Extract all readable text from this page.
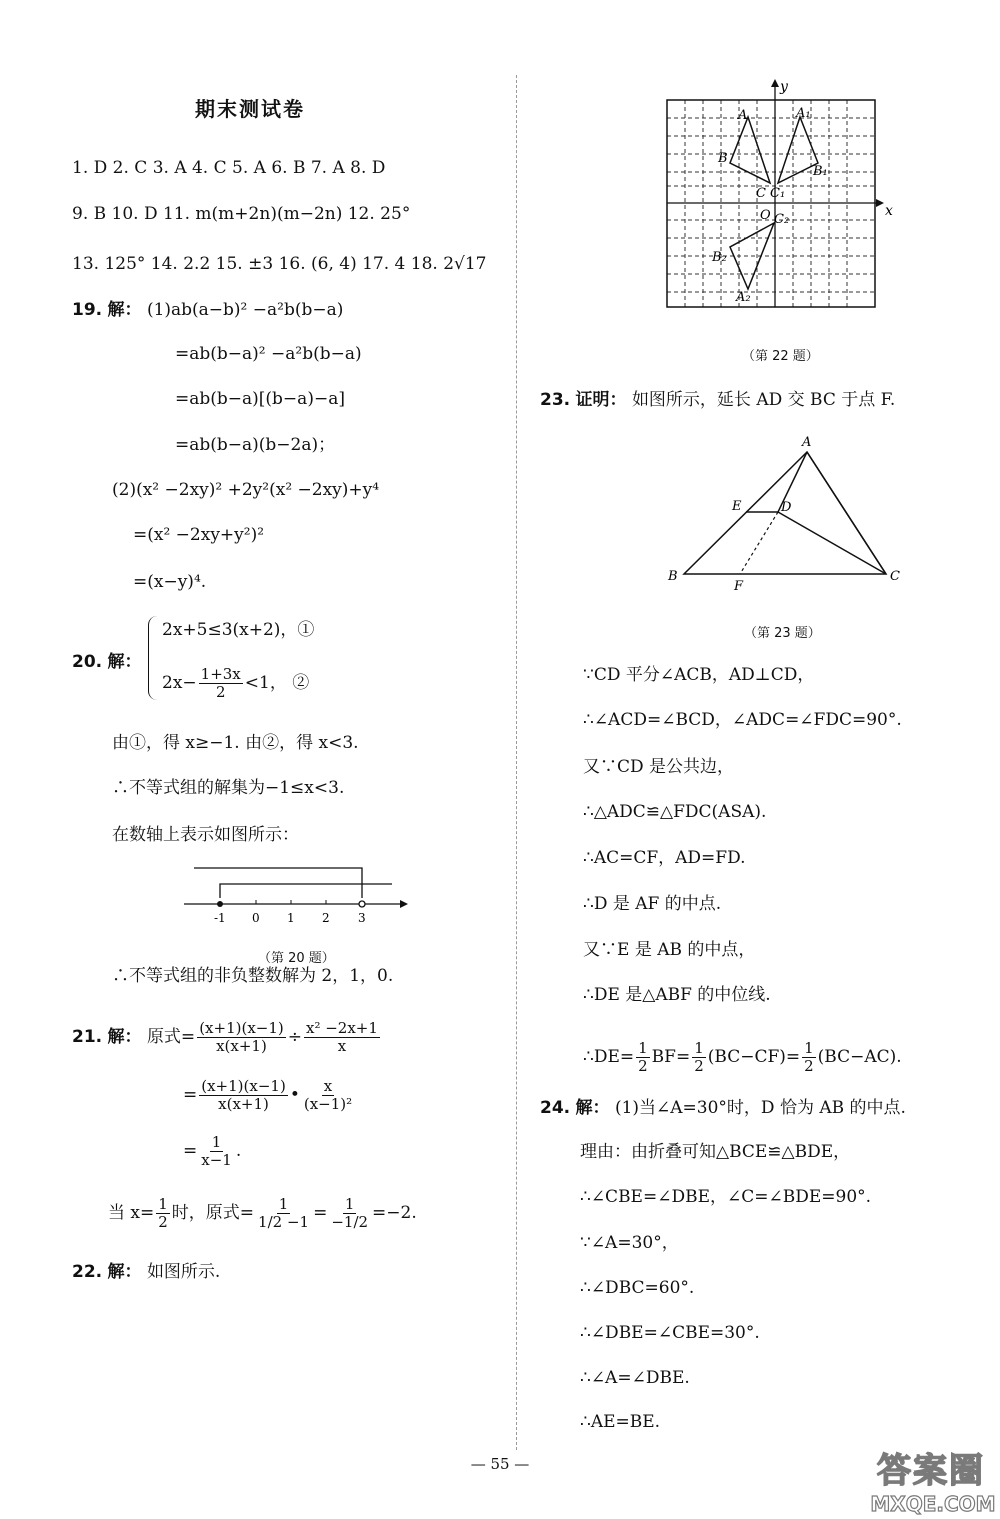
期末测试卷
1. D 2. C 3. A 4. C 5. A 6. B 7. A 8. D
9. B 10. D 11. m(m+2n)(m−2n) 12. 25°
13. 125° 14. 2.2 15. ±3 16. (6, 4) 17. 4 18. 2√17
19. 解： (1)ab(a−b)² −a²b(b−a)
=ab(b−a)² −a²b(b−a)
=ab(b−a)[(b−a)−a]
=ab(b−a)(b−2a)；
(2)(x² −2xy)² +2y²(x² −2xy)+y⁴
=(x² −2xy+y²)²
=(x−y)⁴.
20. 解：
2x+5≤3(x+2)，①
$2x- \frac{1+3x}{2} <1$， ②
由①，得 x≥−1. 由②，得 x<3.
∴不等式组的解集为−1≤x<3.
在数轴上表示如图所示：
-1 0 1 2 3
（第 20 题）
∴不等式组的非负整数解为 2，1，0.
21. 解： 原式= $\frac{(x+1)(x-1)}{x(x+1)} \div \frac{\text{x² −2x+1}}{x}$
= $\frac{(x+1)(x-1)}{x(x+1)}$ • $\frac{x}{\text{(x−1)²}}$
= $\frac{1}{x-1}$ .
当 $x= \frac{1}{2}$ 时，原式= $\frac{1}{1/2 -1} = \frac{1}{-1/2} =-2$.
22. 解： 如图所示.
y
x
O
A	A₁
B
B₁
C C₁
C₂
B₂
A₂
（第 22 题）
23. 证明： 如图所示，延长 AD 交 BC 于点 F.
A
B	C
D
E
F
（第 23 题）
∵CD 平分∠ACB，AD⊥CD，
∴∠ACD=∠BCD，∠ADC=∠FDC=90°.
又∵CD 是公共边，
∴△ADC≌△FDC(ASA).
∴AC=CF，AD=FD.
∴D 是 AF 的中点.
又∵E 是 AB 的中点，
∴DE 是△ABF 的中位线.
∴DE= $\frac{1}{2} BF= \frac{1}{2} (BC-CF)= \frac{1}{2} (BC-AC)$.
24. 解： (1)当∠A=30°时，D 恰为 AB 的中点.
理由：由折叠可知△BCE≌△BDE，
∴∠CBE=∠DBE，∠C=∠BDE=90°.
∵∠A=30°，
∴∠DBC=60°.
∴∠DBE=∠CBE=30°.
∴∠A=∠DBE.
∴AE=BE.
— 55 —	答案圈
MXQE.COM
